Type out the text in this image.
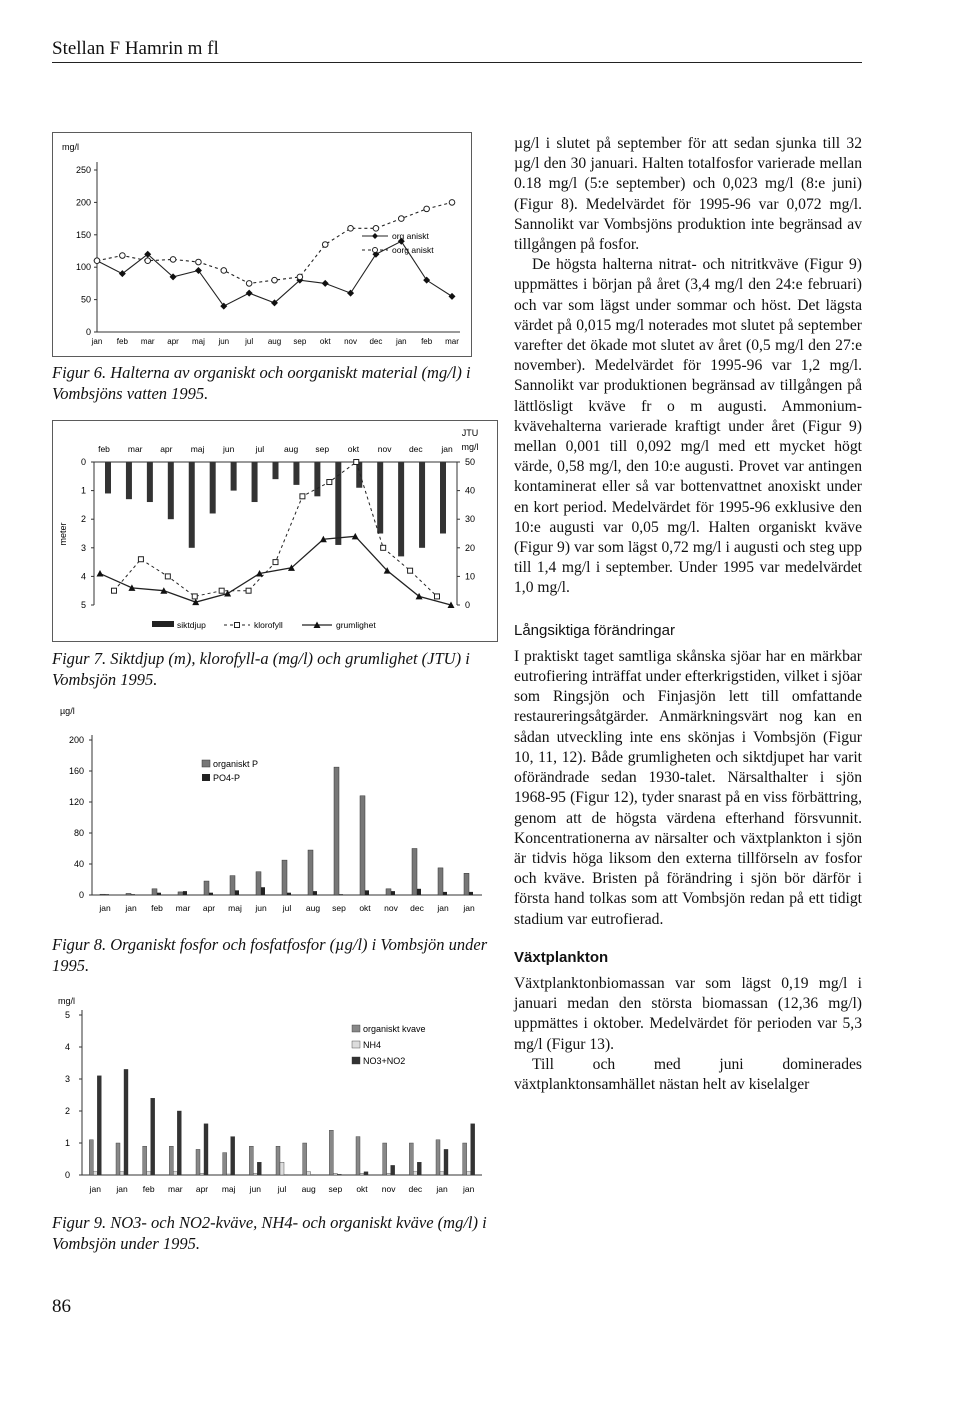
Stellan F Hamrin m fl
mg/l
0
50
100
150
200
250
jan feb mar apr maj jun jul aug sep okt nov dec jan feb mar
org aniskt
oorg aniskt
Figur 6. Halterna av organiskt och oorganiskt material (mg/l) i Vombsjöns vatten 1995.
JTU
mg/l
meter
0
1
2
3
4
5	0
10
20
30
40
50
feb mar apr maj jun	jul aug sep okt nov dec jan
siktdjup	klorofyll	grumlighet
Figur 7. Siktdjup (m), klorofyll-a (mg/l) och grumlighet (JTU) i Vombsjön 1995.
µg/l
0
40
80
120
160
200
jan jan feb mar apr maj jun jul aug sep okt nov dec jan jan
organiskt P
PO4-P
Figur 8. Organiskt fosfor och fosfatfosfor (µg/l) i Vombsjön under 1995.
mg/l
0
1
2
3
4
5
jan jan feb mar apr maj jun jul aug sep okt nov dec jan jan
organiskt kvave
NH4
NO3+NO2
Figur 9. NO3- och NO2-kväve, NH4- och organiskt kväve (mg/l) i Vombsjön under 1995.

µg/l i slutet på september för att sedan sjunka till 32 µg/l den 30 januari. Halten totalfosfor varierade mellan 0.18 mg/l (5:e september) och 0,023 mg/l (8:e juni) (Figur 8). Medelvärdet för 1995-96 var 0,072 mg/l. Sannolikt var Vombsjöns produktion inte begränsad av tillgången på fosfor.

De högsta halterna nitrat- och nitritkväve (Figur 9) uppmättes i början på året (3,4 mg/l den 24:e februari) och var som lägst under sommar och höst. Det lägsta värdet på 0,015 mg/l noterades mot slutet på september varefter det ökade mot slutet av året (0,5 mg/l den 27:e november). Medelvärdet för 1995-96 var 1,2 mg/l. Sannolikt var produktionen begränsad av tillgången på lättlösligt kväve fr o m augusti. Ammonium-kvävehalterna varierade kraftigt under året (Figur 9) mellan 0,001 till 0,092 mg/l med ett mycket högt värde, 0,58 mg/l, den 10:e augusti. Provet var antingen kontaminerat eller så var bottenvattnet anoxiskt under en kort period. Medelvärdet för 1995-96 exklusive den 10:e augusti var 0,05 mg/l. Halten organiskt kväve (Figur 9) var som lägst 0,72 mg/l i augusti och steg upp till 1,4 mg/l i september. Under 1995 var medelvärdet 1,0 mg/l.

Långsiktiga förändringar

I praktiskt taget samtliga skånska sjöar har en märkbar eutrofiering inträffat under efterkrigstiden, vilket i sjöar som Ringsjön och Finjasjön lett till omfattande restaureringsåtgärder. Anmärkningsvärt nog kan en sådan utveckling inte ens skönjas i Vombsjön (Figur 10, 11, 12). Både grumligheten och siktdjupet har varit oförändrade sedan 1930-talet. Närsalthalter i sjön 1968-95 (Figur 12), tyder snarast på en viss förbättring, genom att de högsta värdena efterhand försvunnit. Koncentrationerna av närsalter och växtplankton i sjön är tidvis höga liksom den externa tillförseln av fosfor och kväve. Bristen på förändring i sjön bör därför i första hand tolkas som att Vombsjön redan på ett tidigt stadium var eutrofierad.

Växtplankton

Växtplanktonbiomassan var som lägst 0,19 mg/l i januari medan den största biomassan (12,36 mg/l) uppmättes i oktober. Medelvärdet för perioden var 5,3 mg/l (Figur 13).

Till och med juni dominerades växtplanktonsamhället nästan helt av kiselalger

86
